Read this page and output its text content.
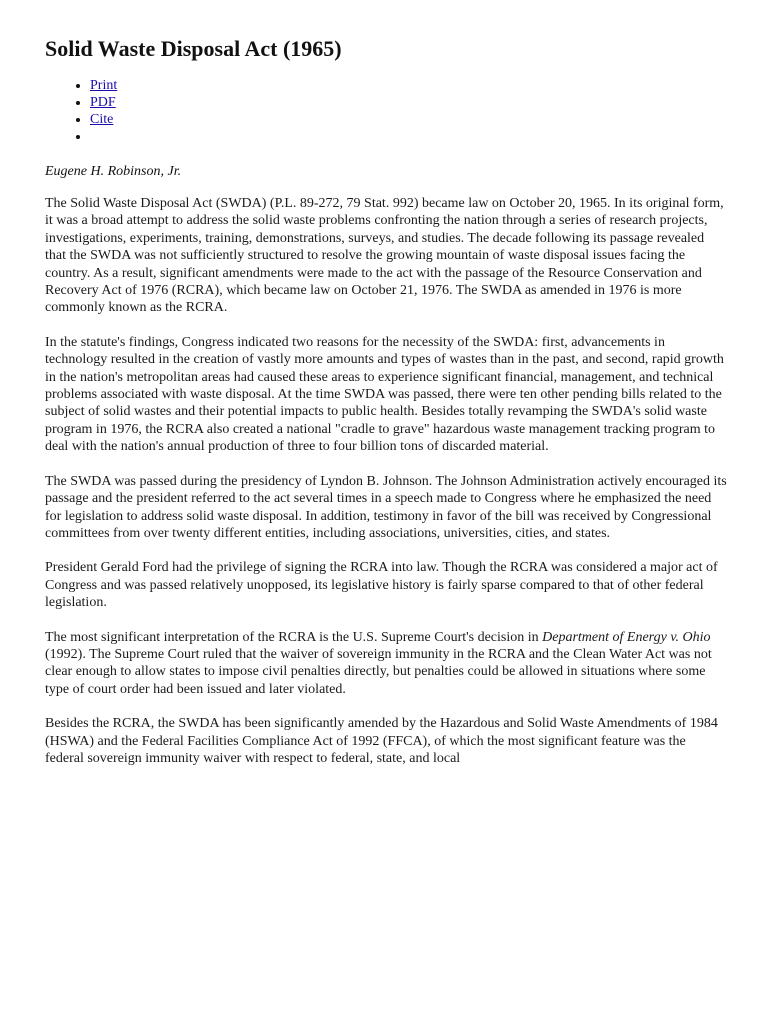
Solid Waste Disposal Act (1965)
• Print
• PDF
• Cite
•
Eugene H. Robinson, Jr.

The Solid Waste Disposal Act (SWDA) (P.L. 89-272, 79 Stat. 992) became law on October 20, 1965. In its original form, it was a broad attempt to address the solid waste problems confronting the nation through a series of research projects, investigations, experiments, training, demonstrations, surveys, and studies. The decade following its passage revealed that the SWDA was not sufficiently structured to resolve the growing mountain of waste disposal issues facing the country. As a result, significant amendments were made to the act with the passage of the Resource Conservation and Recovery Act of 1976 (RCRA), which became law on October 21, 1976. The SWDA as amended in 1976 is more commonly known as the RCRA.

In the statute's findings, Congress indicated two reasons for the necessity of the SWDA: first, advancements in technology resulted in the creation of vastly more amounts and types of wastes than in the past, and second, rapid growth in the nation's metropolitan areas had caused these areas to experience significant financial, management, and technical problems associated with waste disposal. At the time SWDA was passed, there were ten other pending bills related to the subject of solid wastes and their potential impacts to public health. Besides totally revamping the SWDA's solid waste program in 1976, the RCRA also created a national "cradle to grave" hazardous waste management tracking program to deal with the nation's annual production of three to four billion tons of discarded material.

The SWDA was passed during the presidency of Lyndon B. Johnson. The Johnson Administration actively encouraged its passage and the president referred to the act several times in a speech made to Congress where he emphasized the need for legislation to address solid waste disposal. In addition, testimony in favor of the bill was received by Congressional committees from over twenty different entities, including associations, universities, cities, and states.

President Gerald Ford had the privilege of signing the RCRA into law. Though the RCRA was considered a major act of Congress and was passed relatively unopposed, its legislative history is fairly sparse compared to that of other federal legislation.

The most significant interpretation of the RCRA is the U.S. Supreme Court's decision in Department of Energy v. Ohio (1992). The Supreme Court ruled that the waiver of sovereign immunity in the RCRA and the Clean Water Act was not clear enough to allow states to impose civil penalties directly, but penalties could be allowed in situations where some type of court order had been issued and later violated.

Besides the RCRA, the SWDA has been significantly amended by the Hazardous and Solid Waste Amendments of 1984 (HSWA) and the Federal Facilities Compliance Act of 1992 (FFCA), of which the most significant feature was the federal sovereign immunity waiver with respect to federal, state, and local
